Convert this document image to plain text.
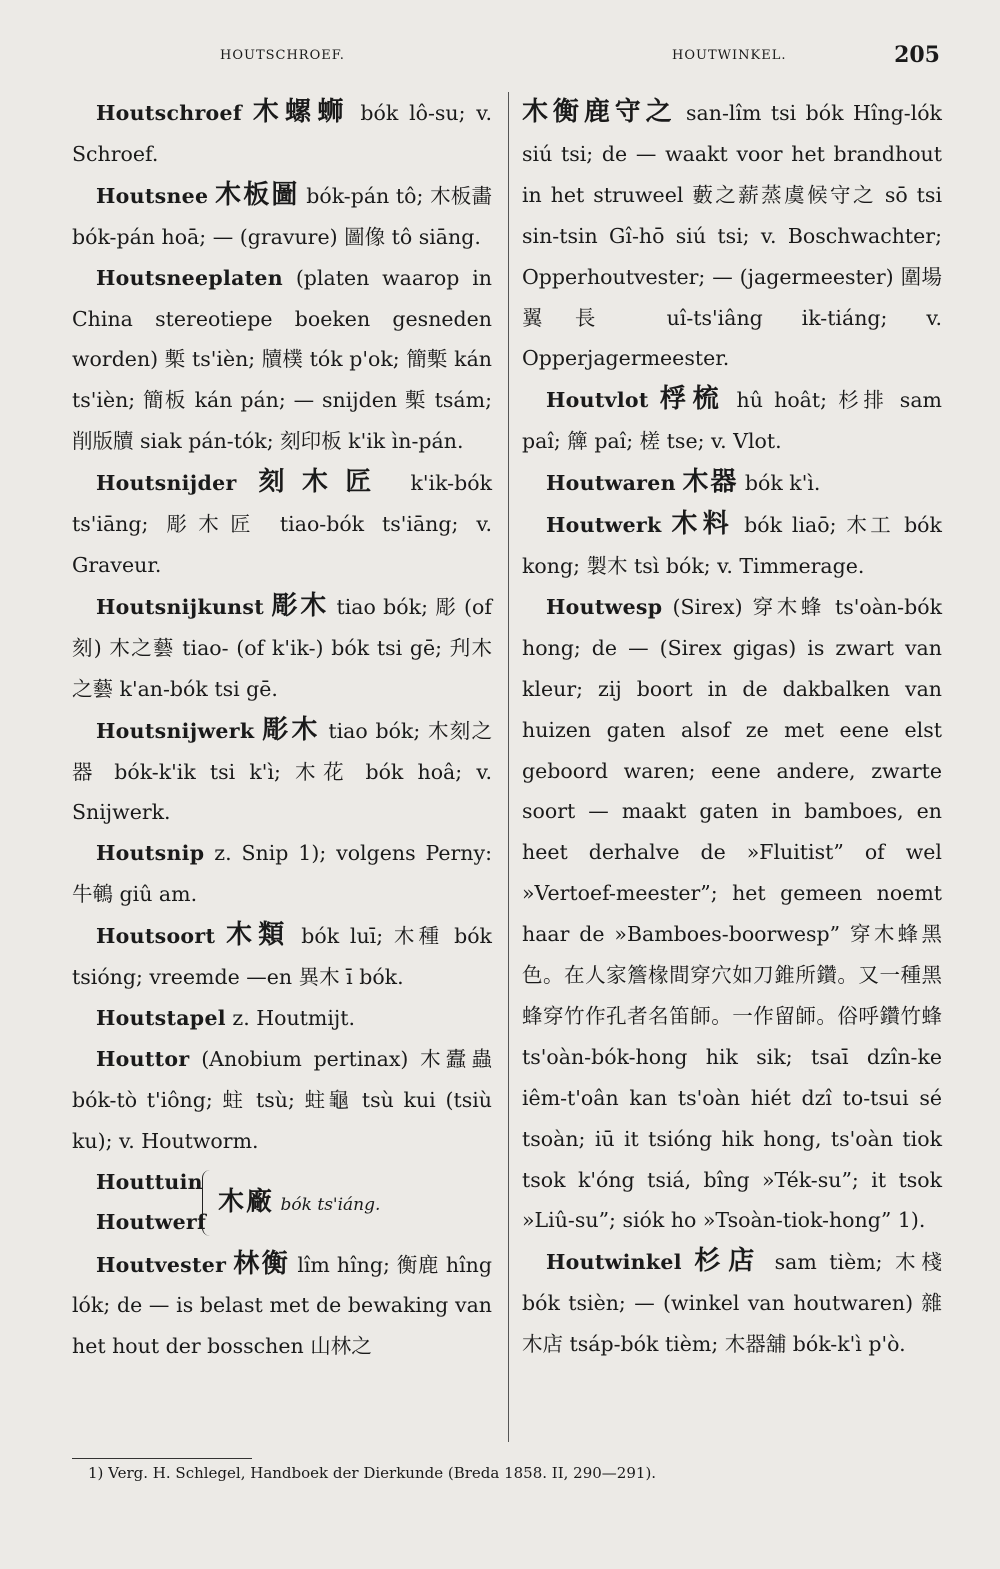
HOUTSCHROEF.	HOUTWINKEL.	205

Houtschroef 木螺蛳 bók lô-su; v. Schroef.

Houtsnee 木板圖 bók-pán tô; 木板畵 bók-pán hoā; — (gravure) 圖像 tô siāng.

Houtsneeplaten (platen waarop in China stereotiepe boeken gesneden worden) 槧 ts'ièn; 牘樸 tók p'ok; 簡槧 kán ts'ièn; 簡板 kán pán; — snijden 槧 tsám; 削版牘 siak pán-tók; 刻印板 k'ik ìn-pán.

Houtsnijder 刻木匠 k'ik-bók ts'iāng; 彫木匠 tiao-bók ts'iāng; v. Graveur.

Houtsnijkunst 彫木 tiao bók; 彫 (of 刻) 木之藝 tiao- (of k'ik-) bók tsi gē; 刋木之藝 k'an-bók tsi gē.

Houtsnijwerk 彫木 tiao bók; 木刻之器 bók-k'ik tsi k'ì; 木花 bók hoâ; v. Snijwerk.

Houtsnip z. Snip 1); volgens Perny: 牛鵪 giû am.

Houtsoort 木類 bók luī; 木種 bók tsióng; vreemde —en 異木 ī bók.

Houtstapel z. Houtmijt.

Houttor (Anobium pertinax) 木蠹蟲 bók-tò t'iông; 蛀 tsù; 蛀龜 tsù kui (tsiù ku); v. Houtworm.

Houttuin
Houtwerf
木廠 bók ts'iáng.

Houtvester 林衡 lîm hîng; 衡鹿 hîng lók; de — is belast met de bewaking van het hout der bosschen 山林之

木衡鹿守之 san-lîm tsi bók Hîng-lók siú tsi; de — waakt voor het brandhout in het struweel 藪之薪蒸虞候守之 sō tsi sin-tsin Gî-hō siú tsi; v. Boschwachter; Opperhoutvester; — (jagermeester) 圍場翼長 uî-ts'iâng ik-tiáng; v. Opperjagermeester.

Houtvlot 桴梳 hû hoât; 杉排 sam paî; 簰 paî; 槎 tse; v. Vlot.

Houtwaren 木器 bók k'ì.

Houtwerk 木料 bók liaō; 木工 bók kong; 製木 tsì bók; v. Timmerage.

Houtwesp (Sirex) 穿木蜂 ts'oàn-bók hong; de — (Sirex gigas) is zwart van kleur; zij boort in de dakbalken van huizen gaten alsof ze met eene elst geboord waren; eene andere, zwarte soort — maakt gaten in bamboes, en heet derhalve de »Fluitist” of wel »Vertoef-meester”; het gemeen noemt haar de »Bamboes-boorwesp” 穿木蜂黑色。在人家簷椽間穿穴如刀錐所鑽。又一種黑蜂穿竹作孔者名笛師。一作留師。俗呼鑽竹蜂 ts'oàn-bók-hong hik sik; tsaī dzîn-ke iêm-t'oân kan ts'oàn hiét dzî to-tsui sé tsoàn; iū it tsióng hik hong, ts'oàn tiok tsok k'óng tsiá, bîng »Ték-su”; it tsok »Liû-su”; siók ho »Tsoàn-tiok-hong” 1).

Houtwinkel 杉店 sam tièm; 木棧 bók tsièn; — (winkel van houtwaren) 雜木店 tsáp-bók tièm; 木器舖 bók-k'ì p'ò.

1) Verg. H. Schlegel, Handboek der Dierkunde (Breda 1858. II, 290—291).
